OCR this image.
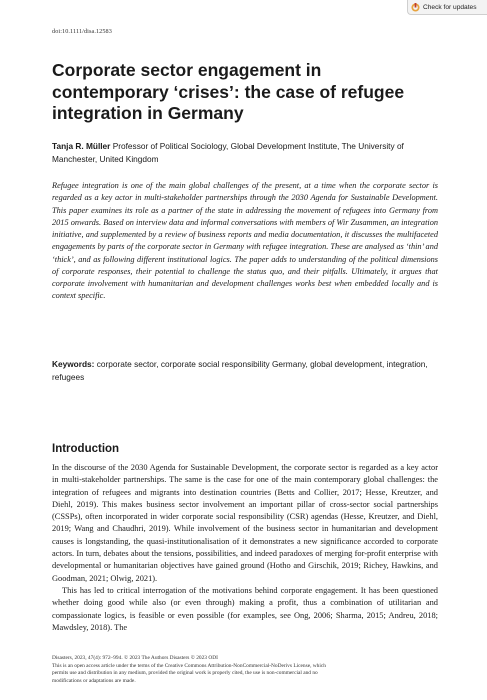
Check for updates
doi:10.1111/disa.12583
Corporate sector engagement in contemporary ‘crises’: the case of refugee integration in Germany
Tanja R. Müller Professor of Political Sociology, Global Development Institute, The University of Manchester, United Kingdom

Refugee integration is one of the main global challenges of the present, at a time when the corporate sector is regarded as a key actor in multi-stakeholder partnerships through the 2030 Agenda for Sustainable Development. This paper examines its role as a partner of the state in addressing the movement of refugees into Germany from 2015 onwards. Based on interview data and informal conversations with members of Wir Zusammen, an integration initiative, and supplemented by a review of business reports and media documentation, it discusses the multifaceted engagements by parts of the corporate sector in Germany with refugee integration. These are analysed as ‘thin’ and ‘thick’, and as following different institutional logics. The paper adds to understanding of the political dimensions of corporate responses, their potential to challenge the status quo, and their pitfalls. Ultimately, it argues that corporate involvement with humanitarian and development challenges works best when embedded locally and is context specific.

Keywords: corporate sector, corporate social responsibility Germany, global development, integration, refugees
Introduction

In the discourse of the 2030 Agenda for Sustainable Development, the corporate sector is regarded as a key actor in multi-stakeholder partnerships. The same is the case for one of the main contemporary global challenges: the integration of refugees and migrants into destination countries (Betts and Collier, 2017; Hesse, Kreutzer, and Diehl, 2019). This makes business sector involvement an important pillar of cross-sector social partnerships (CSSPs), often incorporated in wider corporate social responsibility (CSR) agendas (Hesse, Kreutzer, and Diehl, 2019; Wang and Chaudhri, 2019). While involvement of the business sector in humanitarian and development causes is longstanding, the quasi-institutionalisation of it demonstrates a new significance accorded to corporate actors. In turn, debates about the tensions, possibilities, and indeed paradoxes of merging for-profit enterprise with developmental or humanitarian objectives have gained ground (Hotho and Girschik, 2019; Richey, Hawkins, and Goodman, 2021; Olwig, 2021).

This has led to critical interrogation of the motivations behind corporate engagement. It has been questioned whether doing good while also (or even through) making a profit, thus a combination of utilitarian and compassionate logics, is feasible or even possible (for examples, see Ong, 2006; Sharma, 2015; Andreu, 2018; Mawdsley, 2018). The

Disasters, 2023, 47(4): 972–994. © 2023 The Authors Disasters © 2023 ODI
This is an open access article under the terms of the Creative Commons Attribution-NonCommercial-NoDerivs License, which
permits use and distribution in any medium, provided the original work is properly cited, the use is non-commercial and no
modifications or adaptations are made.
